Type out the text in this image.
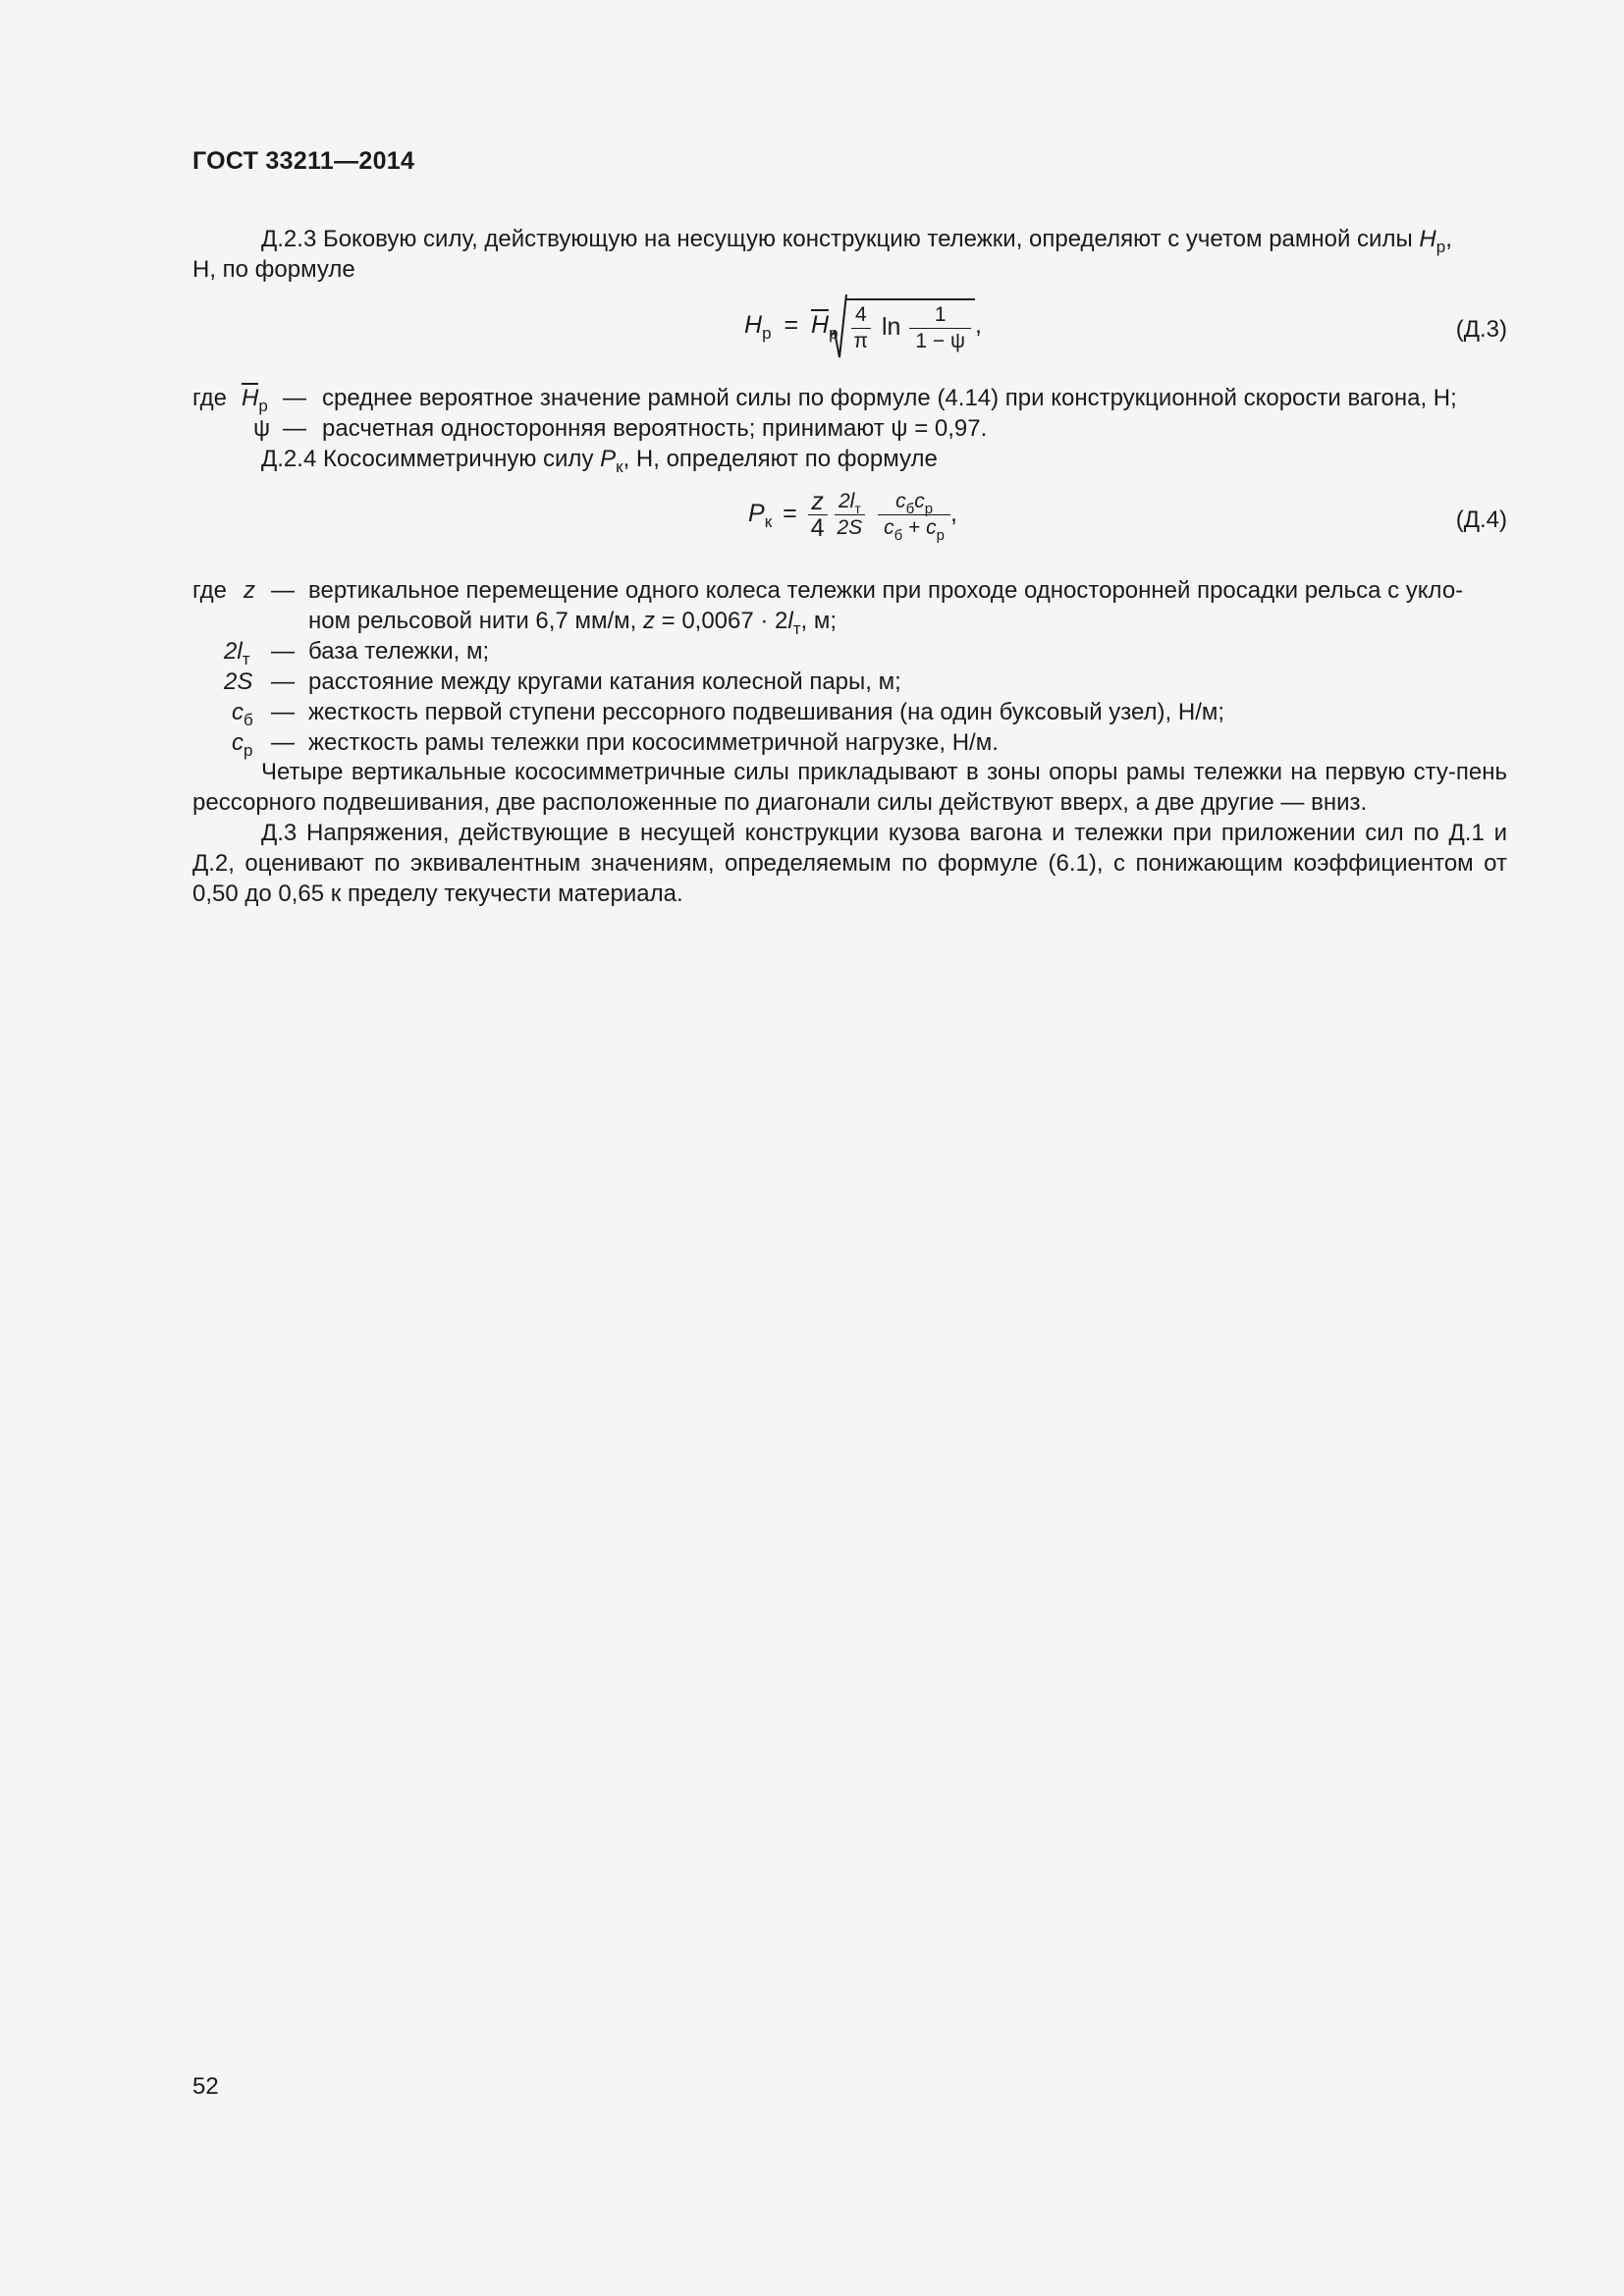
ГОСТ 33211—2014
Д.2.3 Боковую силу, действующую на несущую конструкцию тележки, определяют с учетом рамной силы $H_р$,
Н, по формуле
$H_р = H_р \frac{4}{\pi}$ $\ln \frac{1}{1 - \psi}$ ,	(Д.3)
где $H_р$ — среднее вероятное значение рамной силы по формуле (4.14) при конструкционной скорости вагона, Н;
ψ — расчетная односторонняя вероятность; принимают ψ = 0,97.
Д.2.4 Кососимметричную силу $P_к$, Н, определяют по формуле
$P_к = \frac{z}{4}$
$\frac{2l_т}{2S}$
$\frac{c_бc_р}{c_б + c_р}$ ,	(Д.4)
где z — вертикальное перемещение одного колеса тележки при проходе односторонней просадки рельса с укло-
ном рельсовой нити 6,7 мм/м, $z = 0,0067 \cdot 2l_т$, м;
$2l_т$ — база тележки, м;
2S — расстояние между кругами катания колесной пары, м;
$c_б$ — жесткость первой ступени рессорного подвешивания (на один буксовый узел), Н/м;
$c_р$ — жесткость рамы тележки при кососимметричной нагрузке, Н/м.
Четыре вертикальные кососимметричные силы прикладывают в зоны опоры рамы тележки на первую сту-пень рессорного подвешивания, две расположенные по диагонали силы действуют вверх, а две другие — вниз.
Д.3 Напряжения, действующие в несущей конструкции кузова вагона и тележки при приложении сил по Д.1 и Д.2, оценивают по эквивалентным значениям, определяемым по формуле (6.1), с понижающим коэффициентом от 0,50 до 0,65 к пределу текучести материала.
52
